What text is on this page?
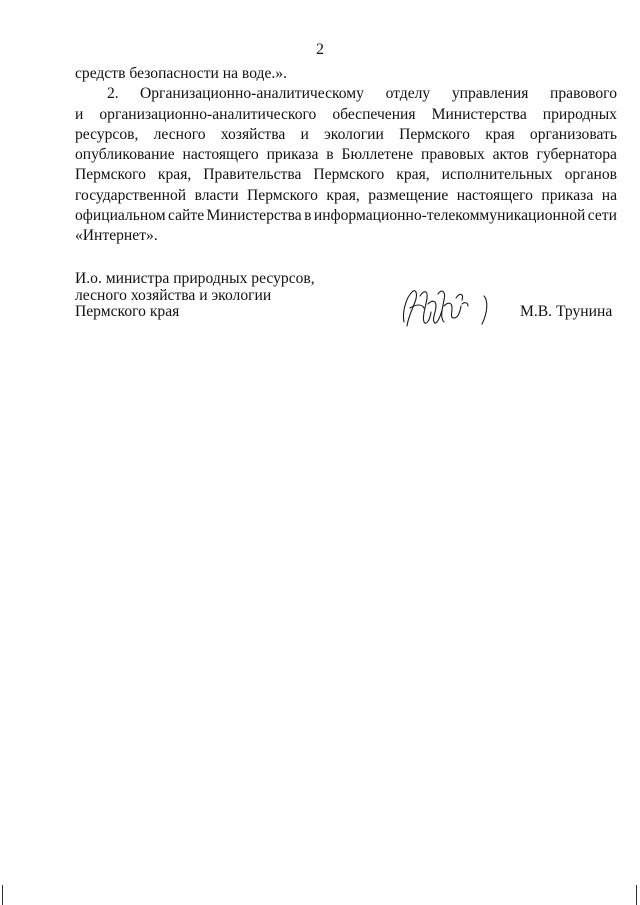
2
средств безопасности на воде.».
2. Организационно-аналитическому отделу управления правового
и организационно-аналитического обеспечения Министерства природных
ресурсов, лесного хозяйства и экологии Пермского края организовать
опубликование настоящего приказа в Бюллетене правовых актов губернатора
Пермского края, Правительства Пермского края, исполнительных органов
государственной власти Пермского края, размещение настоящего приказа на
официальном сайте Министерства в информационно-телекоммуникационной сети
«Интернет».
И.о. министра природных ресурсов,
лесного хозяйства и экологии
Пермского края	М.В. Трунина
